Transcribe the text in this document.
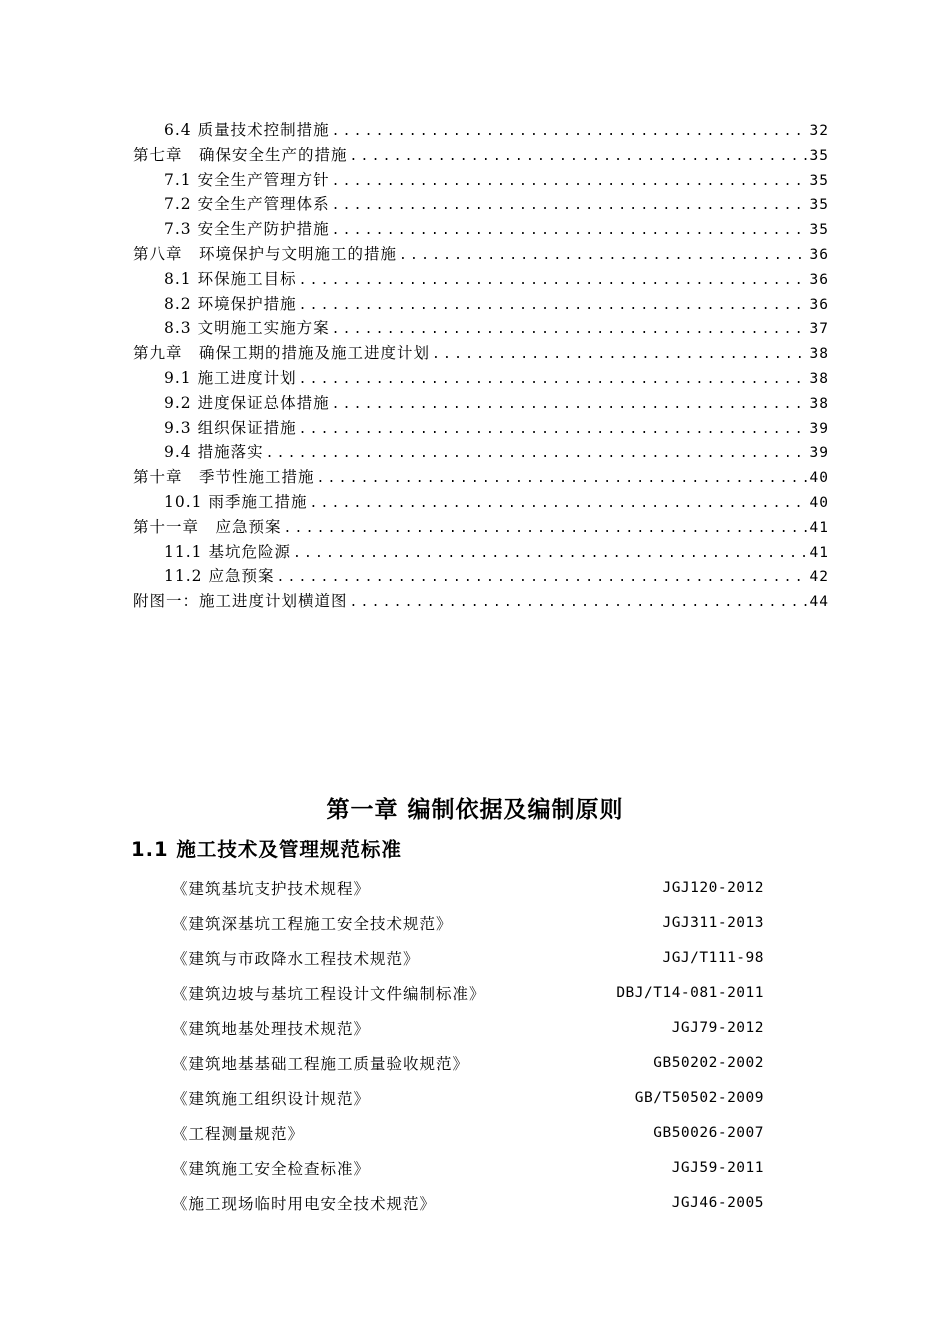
6.4 质量技术控制措施 .....	32
第七章　确保安全生产的措施 .....	35
7.1 安全生产管理方针 .....	35
7.2 安全生产管理体系 .....	35
7.3 安全生产防护措施 .....	35
第八章　环境保护与文明施工的措施 .....	36
8.1 环保施工目标 .....	36
8.2 环境保护措施 .....	36
8.3 文明施工实施方案 .....	37
第九章　确保工期的措施及施工进度计划 .....	38
9.1 施工进度计划 .....	38
9.2 进度保证总体措施 .....	38
9.3 组织保证措施 .....	39
9.4 措施落实 .....	39
第十章　季节性施工措施 .....	40
10.1 雨季施工措施 .....	40
第十一章　应急预案 .....	41
11.1 基坑危险源 .....	41
11.2 应急预案 .....	42
附图一：施工进度计划横道图 .....	44
第一章 编制依据及编制原则
1.1 施工技术及管理规范标准
《建筑基坑支护技术规程》	JGJ120-2012
《建筑深基坑工程施工安全技术规范》	JGJ311-2013
《建筑与市政降水工程技术规范》	JGJ/T111-98
《建筑边坡与基坑工程设计文件编制标准》	DBJ/T14-081-2011
《建筑地基处理技术规范》	JGJ79-2012
《建筑地基基础工程施工质量验收规范》	GB50202-2002
《建筑施工组织设计规范》	GB/T50502-2009
《工程测量规范》	GB50026-2007
《建筑施工安全检查标准》	JGJ59-2011
《施工现场临时用电安全技术规范》	JGJ46-2005
